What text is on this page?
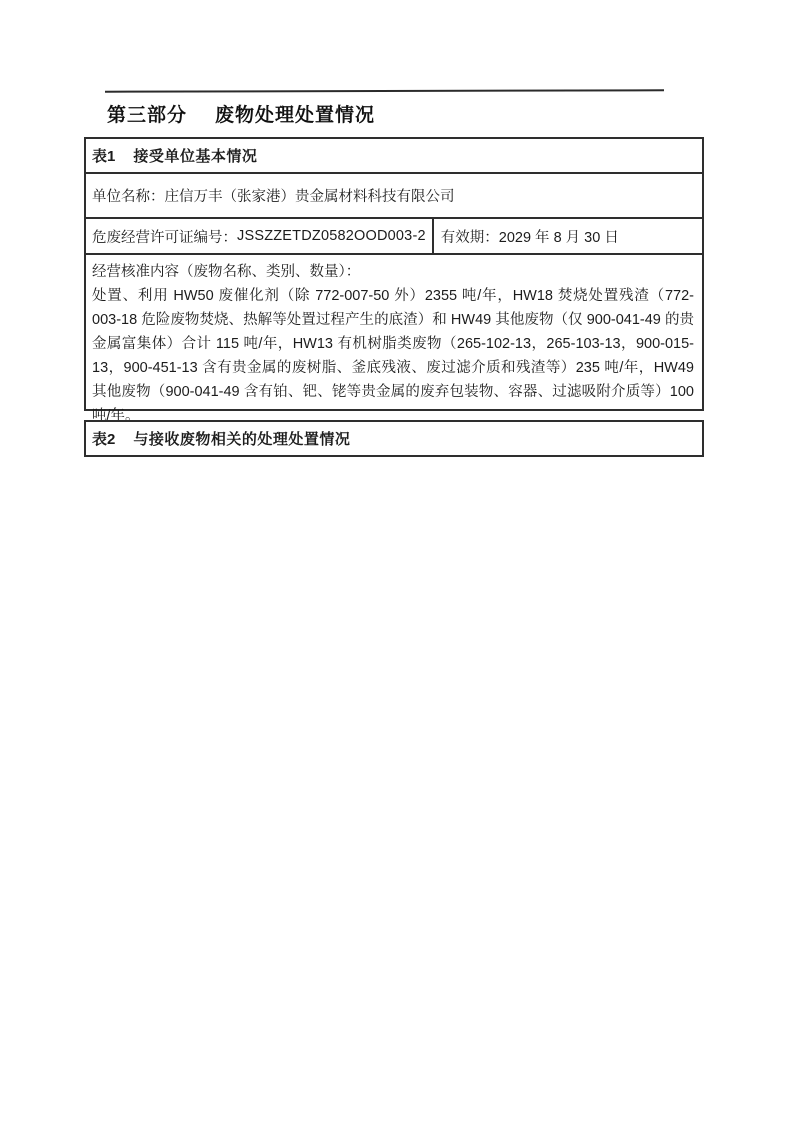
第三部分 废物处理处置情况
表1 接受单位基本情况
单位名称： 庄信万丰（张家港）贵金属材料科技有限公司
危废经营许可证编号： JSSZZETDZ0582OOD003-2 有效期： 2029 年 8 月 30 日
经营核准内容（废物名称、类别、数量）：

处置、利用 HW50 废催化剂（除 772-007-50 外）2355 吨/年，HW18 焚烧处置残渣（772-003-18 危险废物焚烧、热解等处置过程产生的底渣）和 HW49 其他废物（仅 900-041-49 的贵金属富集体）合计 115 吨/年，HW13 有机树脂类废物（265-102-13，265-103-13，900-015-13，900-451-13 含有贵金属的废树脂、釜底残液、废过滤介质和残渣等）235 吨/年，HW49 其他废物（900-041-49 含有铂、钯、铑等贵金属的废弃包装物、容器、过滤吸附介质等）100 吨/年。

表2 与接收废物相关的处理处置情况
